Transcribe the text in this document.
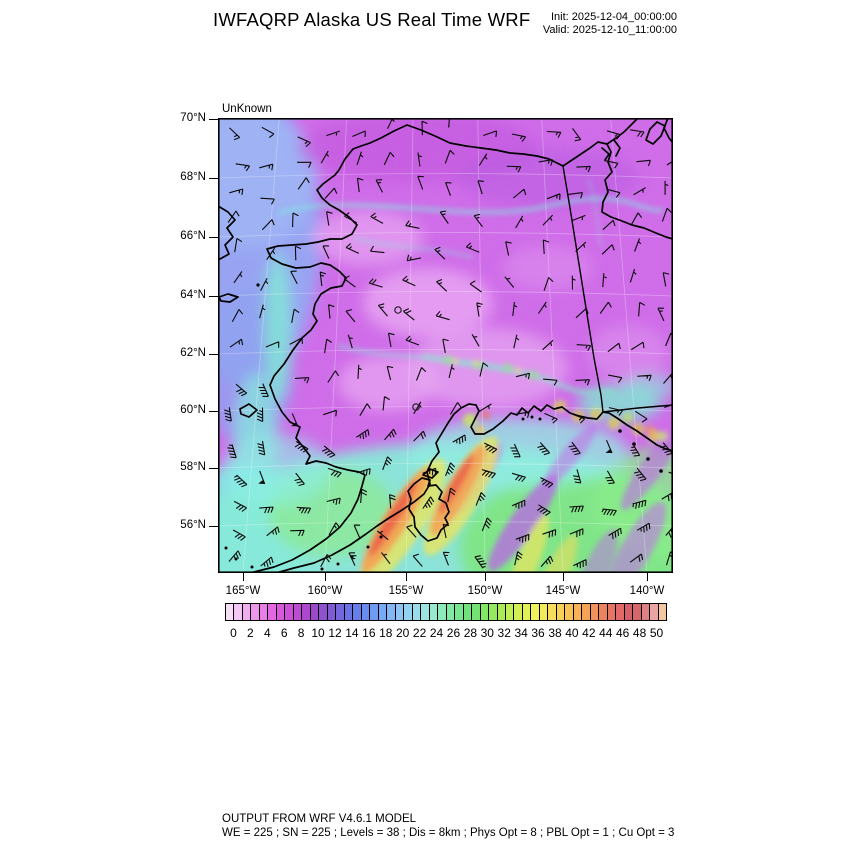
IWFAQRP Alaska US Real Time WRF	Init: 2025-12-04_00:00:00
Valid: 2025-12-10_11:00:00

UnKnown

OUTPUT FROM WRF V4.6.1 MODEL
WE = 225 ; SN = 225 ; Levels = 38 ; Dis = 8km ; Phys Opt = 8 ; PBL Opt = 1 ; Cu Opt = 3
70°N
68°N
66°N
64°N
62°N
60°N
58°N
56°N
165°W	160°W	155°W	150°W	145°W	140°W
0 2 4 6 8 10 12 14 16 18 20 22 24 26 28 30 32 34 36 38 40 42 44 46 48 50
